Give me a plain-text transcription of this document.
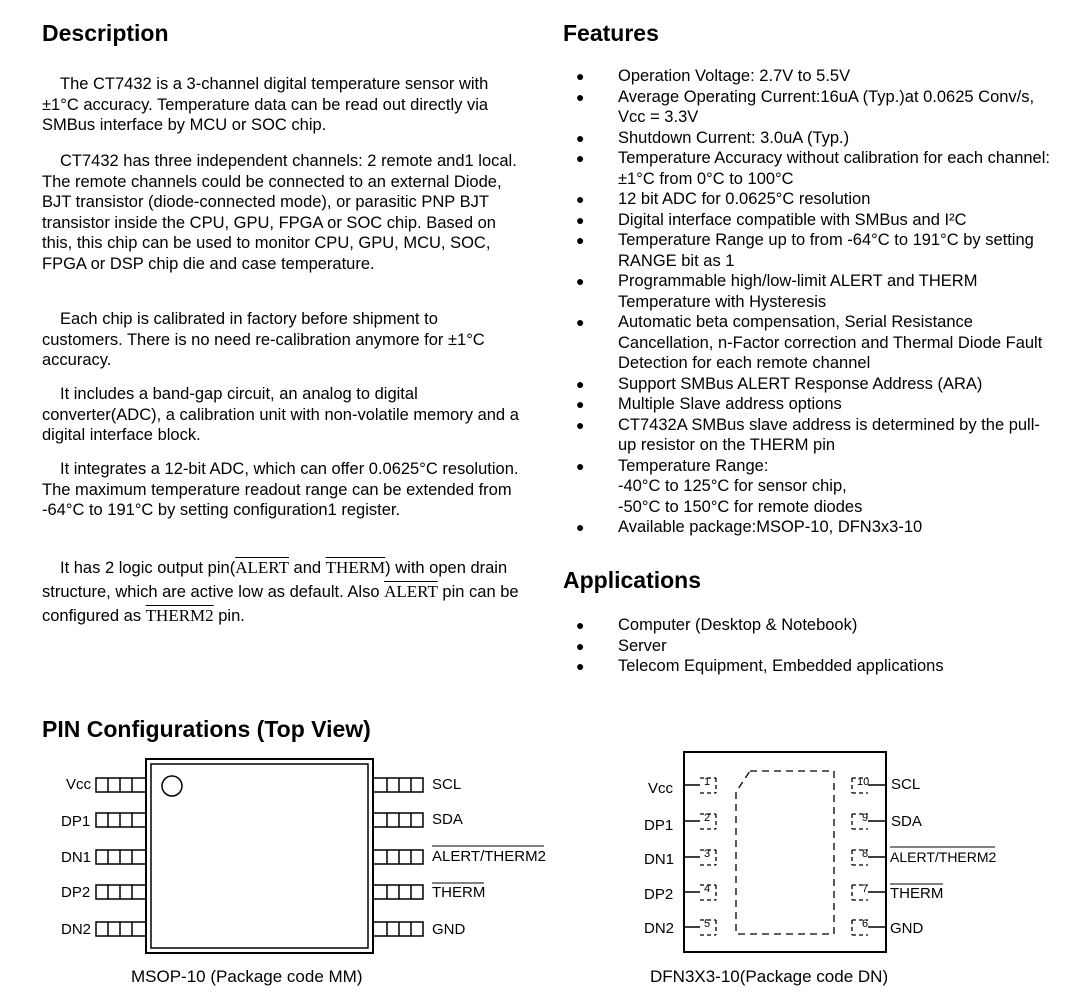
Description
The CT7432 is a 3-channel digital temperature sensor with ±1°C accuracy. Temperature data can be read out directly via SMBus interface by MCU or SOC chip.
CT7432 has three independent channels: 2 remote and1 local. The remote channels could be connected to an external Diode, BJT transistor (diode-connected mode), or parasitic PNP BJT transistor inside the CPU, GPU, FPGA or SOC chip. Based on this, this chip can be used to monitor CPU, GPU, MCU, SOC, FPGA or DSP chip die and case temperature.
Each chip is calibrated in factory before shipment to customers. There is no need re-calibration anymore for ±1°C accuracy.
It includes a band-gap circuit, an analog to digital converter(ADC), a calibration unit with non-volatile memory and a digital interface block.
It integrates a 12-bit ADC, which can offer 0.0625°C resolution. The maximum temperature readout range can be extended from -64°C to 191°C by setting configuration1 register.
It has 2 logic output pin(ALERT and THERM) with open drain structure, which are active low as default. Also ALERT pin can be configured as THERM2 pin.
Features
● Operation Voltage: 2.7V to 5.5V
● Average Operating Current:16uA (Typ.)at 0.0625 Conv/s, Vcc = 3.3V
● Shutdown Current: 3.0uA (Typ.)
● Temperature Accuracy without calibration for each channel:±1°C from 0°C to 100°C
● 12 bit ADC for 0.0625°C resolution
● Digital interface compatible with SMBus and I²C
● Temperature Range up to from -64°C to 191°C by setting RANGE bit as 1
● Programmable high/low-limit ALERT and THERM Temperature with Hysteresis
● Automatic beta compensation, Serial Resistance Cancellation, n-Factor correction and Thermal Diode Fault Detection for each remote channel
● Support SMBus ALERT Response Address (ARA)
● Multiple Slave address options
● CT7432A SMBus slave address is determined by the pull-up resistor on the THERM pin
● Temperature Range:
-40°C to 125°C for sensor chip,
-50°C to 150°C for remote diodes
● Available package:MSOP-10, DFN3x3-10
Applications
● Computer (Desktop & Notebook)
● Server
● Telecom Equipment, Embedded applications
PIN Configurations (Top View)
Vcc
DP1
DN1
DP2
DN2
SCL
SDA
ALERT/THERM2
THERM
GND
MSOP-10 (Package code MM)
Vcc
DP1
DN1
DP2
DN2
1
2
3
4
5
10
9
8
7
6
SCL
SDA
ALERT/THERM2
THERM
GND
DFN3X3-10(Package code DN)
